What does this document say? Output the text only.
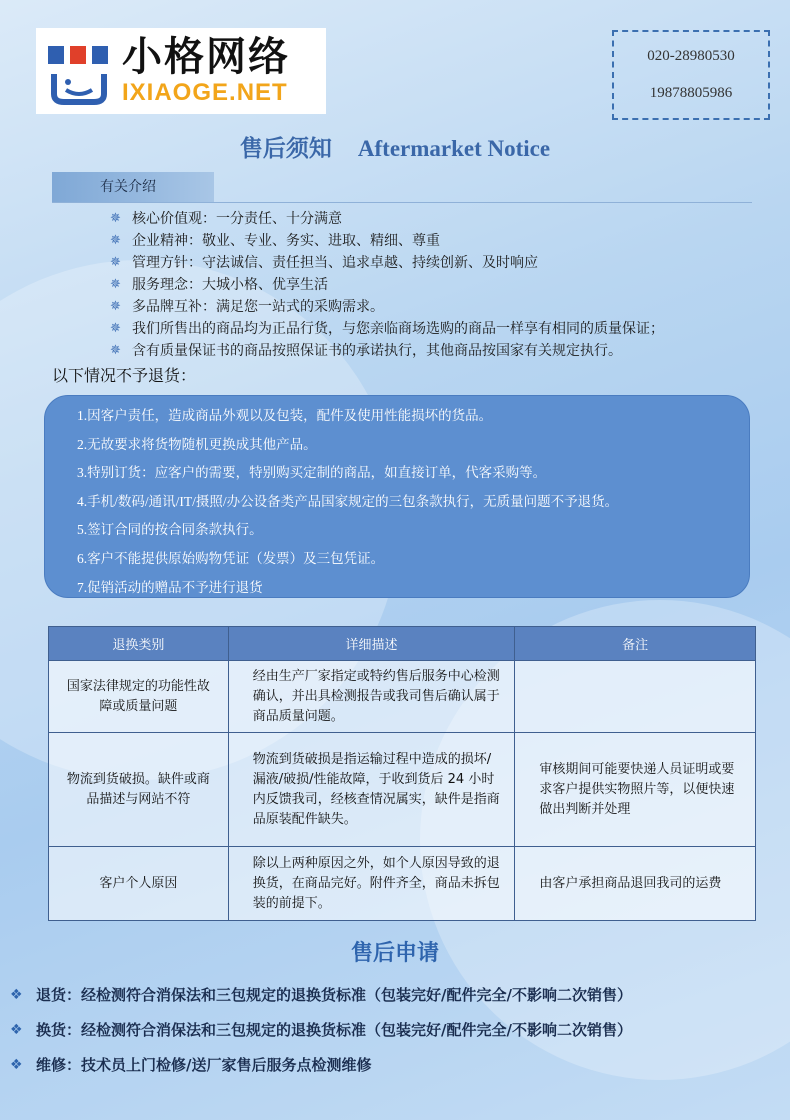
小格网络
IXIAOGE.NET
020-28980530
19878805986
售后须知 Aftermarket Notice
有关介绍
✵ 核心价值观：一分责任、十分满意
✵ 企业精神：敬业、专业、务实、进取、精细、尊重
✵ 管理方针：守法诚信、责任担当、追求卓越、持续创新、及时响应
✵ 服务理念：大城小格、优享生活
✵ 多品牌互补：满足您一站式的采购需求。
✵ 我们所售出的商品均为正品行货，与您亲临商场选购的商品一样享有相同的质量保证；
✵ 含有质量保证书的商品按照保证书的承诺执行，其他商品按国家有关规定执行。
以下情况不予退货：
1.因客户责任，造成商品外观以及包装，配件及使用性能损坏的货品。
2.无故要求将货物随机更换成其他产品。
3.特别订货：应客户的需要，特别购买定制的商品，如直接订单，代客采购等。
4.手机/数码/通讯/IT/摄照/办公设备类产品国家规定的三包条款执行，无质量问题不予退货。
5.签订合同的按合同条款执行。
6.客户不能提供原始购物凭证（发票）及三包凭证。
7.促销活动的赠品不予进行退货
退换类别	详细描述	备注
国家法律规定的功能性故障或质量问题	经由生产厂家指定或特约售后服务中心检测确认，并出具检测报告或我司售后确认属于商品质量问题。	
物流到货破损。缺件或商品描述与网站不符	物流到货破损是指运输过程中造成的损坏/漏液/破损/性能故障，于收到货后 24 小时内反馈我司，经核查情况属实，缺件是指商品原装配件缺失。	审核期间可能要快递人员证明或要求客户提供实物照片等，以便快速做出判断并处理
客户个人原因	除以上两种原因之外，如个人原因导致的退换货，在商品完好。附件齐全，商品未拆包装的前提下。	由客户承担商品退回我司的运费
售后申请
❖ 退货：经检测符合消保法和三包规定的退换货标准（包装完好/配件完全/不影响二次销售）
❖ 换货：经检测符合消保法和三包规定的退换货标准（包装完好/配件完全/不影响二次销售）
❖ 维修：技术员上门检修/送厂家售后服务点检测维修
